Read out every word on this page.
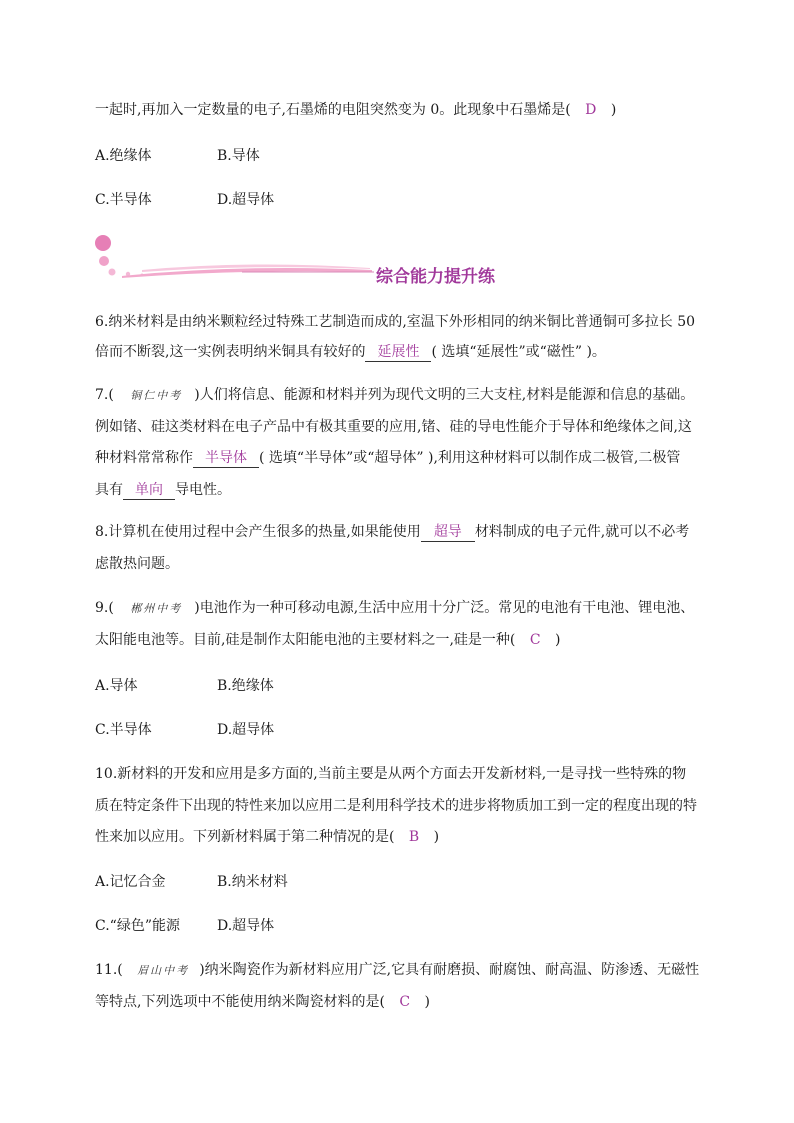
一起时,再加入一定数量的电子,石墨烯的电阻突然变为 0。此现象中石墨烯是( D )
A.绝缘体	B.导体
C.半导体	D.超导体
综合能力提升练
6.纳米材料是由纳米颗粒经过特殊工艺制造而成的,室温下外形相同的纳米铜比普通铜可多拉长 50
倍而不断裂,这一实例表明纳米铜具有较好的 延展性 ( 选填“延展性”或“磁性” )。
7.( 铜仁中考 )人们将信息、能源和材料并列为现代文明的三大支柱,材料是能源和信息的基础。
例如锗、硅这类材料在电子产品中有极其重要的应用,锗、硅的导电性能介于导体和绝缘体之间,这
种材料常常称作 半导体 ( 选填“半导体”或“超导体” ),利用这种材料可以制作成二极管,二极管
具有 单向 导电性。
8.计算机在使用过程中会产生很多的热量,如果能使用 超导 材料制成的电子元件,就可以不必考
虑散热问题。
9.( 郴州中考 )电池作为一种可移动电源,生活中应用十分广泛。常见的电池有干电池、锂电池、
太阳能电池等。目前,硅是制作太阳能电池的主要材料之一,硅是一种( C )
A.导体	B.绝缘体
C.半导体	D.超导体
10.新材料的开发和应用是多方面的,当前主要是从两个方面去开发新材料,一是寻找一些特殊的物
质在特定条件下出现的特性来加以应用二是利用科学技术的进步将物质加工到一定的程度出现的特
性来加以应用。下列新材料属于第二种情况的是( B )
A.记忆合金	B.纳米材料
C.“绿色”能源	D.超导体
11.( 眉山中考 )纳米陶瓷作为新材料应用广泛,它具有耐磨损、耐腐蚀、耐高温、防渗透、无磁性
等特点,下列选项中不能使用纳米陶瓷材料的是( C )
